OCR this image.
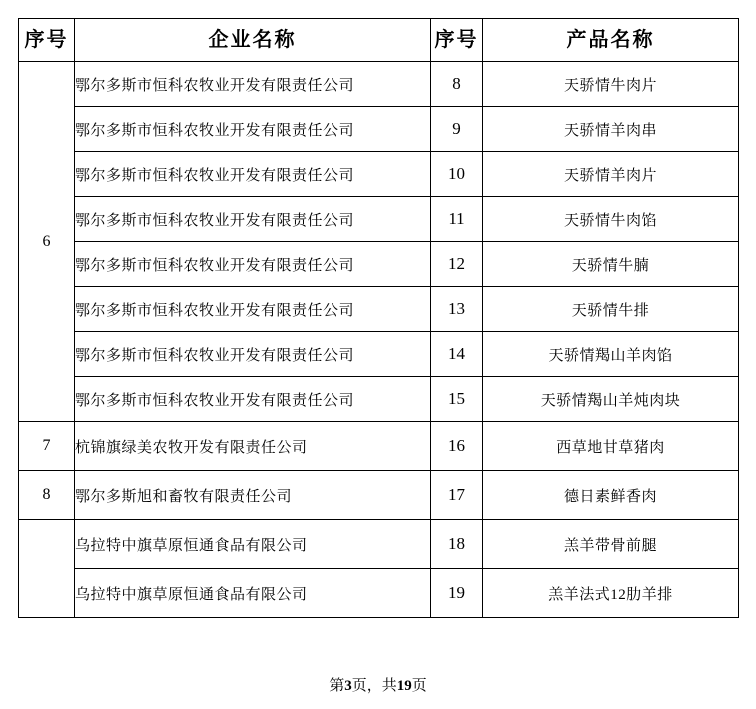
序号	企业名称	序号	产品名称
6	鄂尔多斯市恒科农牧业开发有限责任公司	8	天骄情牛肉片
	鄂尔多斯市恒科农牧业开发有限责任公司	9	天骄情羊肉串
	鄂尔多斯市恒科农牧业开发有限责任公司	10	天骄情羊肉片
	鄂尔多斯市恒科农牧业开发有限责任公司	11	天骄情牛肉馅
	鄂尔多斯市恒科农牧业开发有限责任公司	12	天骄情牛腩
	鄂尔多斯市恒科农牧业开发有限责任公司	13	天骄情牛排
	鄂尔多斯市恒科农牧业开发有限责任公司	14	天骄情羯山羊肉馅
	鄂尔多斯市恒科农牧业开发有限责任公司	15	天骄情羯山羊炖肉块
7	杭锦旗绿美农牧开发有限责任公司	16	西草地甘草猪肉
8	鄂尔多斯旭和畜牧有限责任公司	17	德日素鲜香肉
	乌拉特中旗草原恒通食品有限公司	18	羔羊带骨前腿
	乌拉特中旗草原恒通食品有限公司	19	羔羊法式12肋羊排
第3页，共19页
